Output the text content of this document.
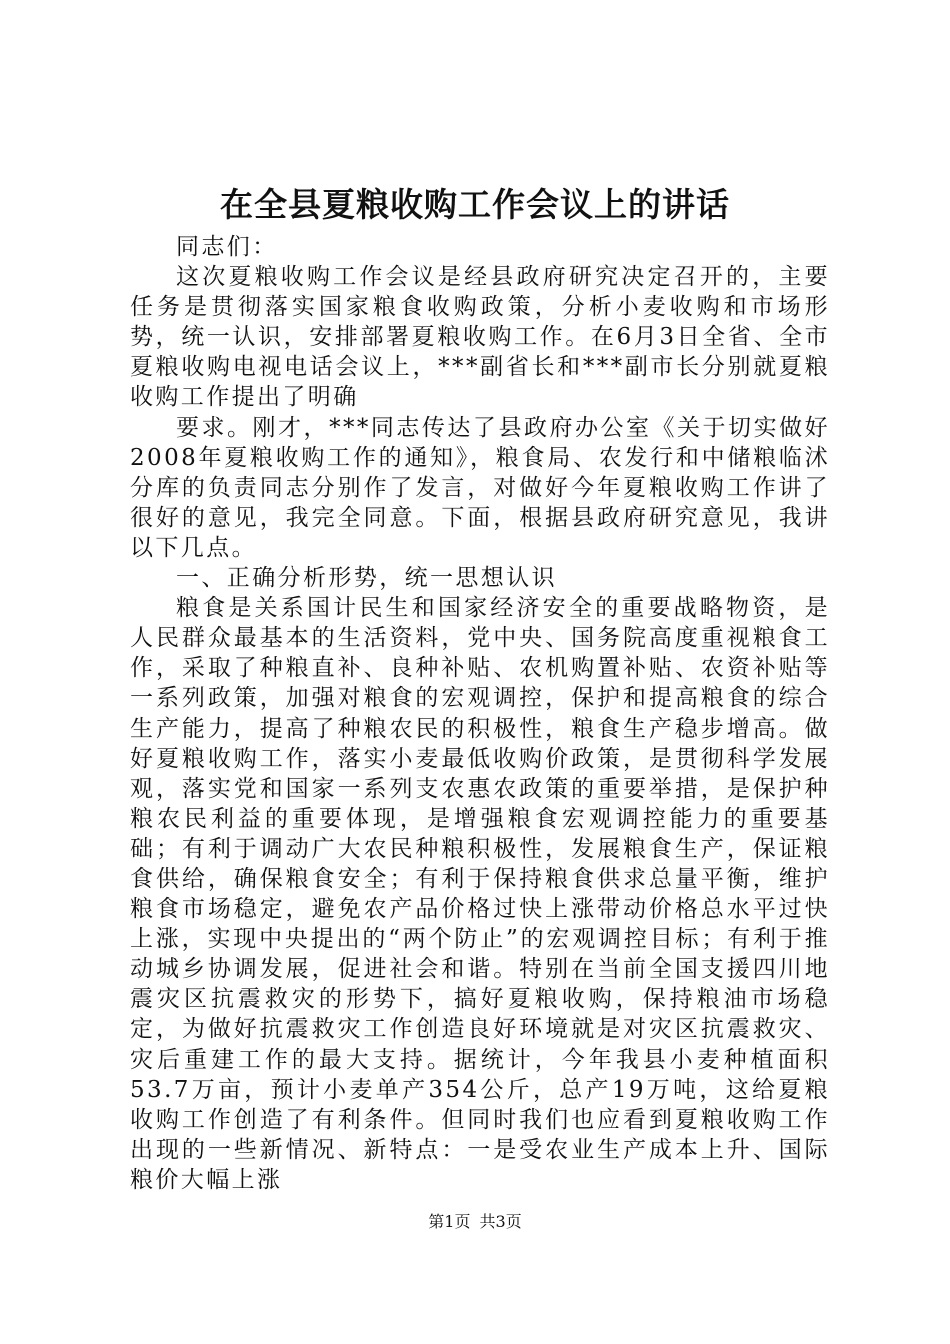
在全县夏粮收购工作会议上的讲话

同志们：

这次夏粮收购工作会议是经县政府研究决定召开的，主要任务是贯彻落实国家粮食收购政策，分析小麦收购和市场形势，统一认识，安排部署夏粮收购工作。在6月3日全省、全市夏粮收购电视电话会议上，***副省长和***副市长分别就夏粮收购工作提出了明确

要求。刚才，***同志传达了县政府办公室《关于切实做好2008年夏粮收购工作的通知》，粮食局、农发行和中储粮临沭分库的负责同志分别作了发言，对做好今年夏粮收购工作讲了很好的意见，我完全同意。下面，根据县政府研究意见，我讲以下几点。

一、正确分析形势，统一思想认识

粮食是关系国计民生和国家经济安全的重要战略物资，是人民群众最基本的生活资料，党中央、国务院高度重视粮食工作，采取了种粮直补、良种补贴、农机购置补贴、农资补贴等一系列政策，加强对粮食的宏观调控，保护和提高粮食的综合生产能力，提高了种粮农民的积极性，粮食生产稳步增高。做好夏粮收购工作，落实小麦最低收购价政策，是贯彻科学发展观，落实党和国家一系列支农惠农政策的重要举措，是保护种粮农民利益的重要体现，是增强粮食宏观调控能力的重要基础；有利于调动广大农民种粮积极性，发展粮食生产，保证粮食供给，确保粮食安全；有利于保持粮食供求总量平衡，维护粮食市场稳定，避免农产品价格过快上涨带动价格总水平过快上涨，实现中央提出的“两个防止”的宏观调控目标；有利于推动城乡协调发展，促进社会和谐。特别在当前全国支援四川地震灾区抗震救灾的形势下，搞好夏粮收购，保持粮油市场稳定，为做好抗震救灾工作创造良好环境就是对灾区抗震救灾、灾后重建工作的最大支持。据统计，今年我县小麦种植面积53.7万亩，预计小麦单产354公斤，总产19万吨，这给夏粮收购工作创造了有利条件。但同时我们也应看到夏粮收购工作出现的一些新情况、新特点：一是受农业生产成本上升、国际粮价大幅上涨

第1页 共3页
